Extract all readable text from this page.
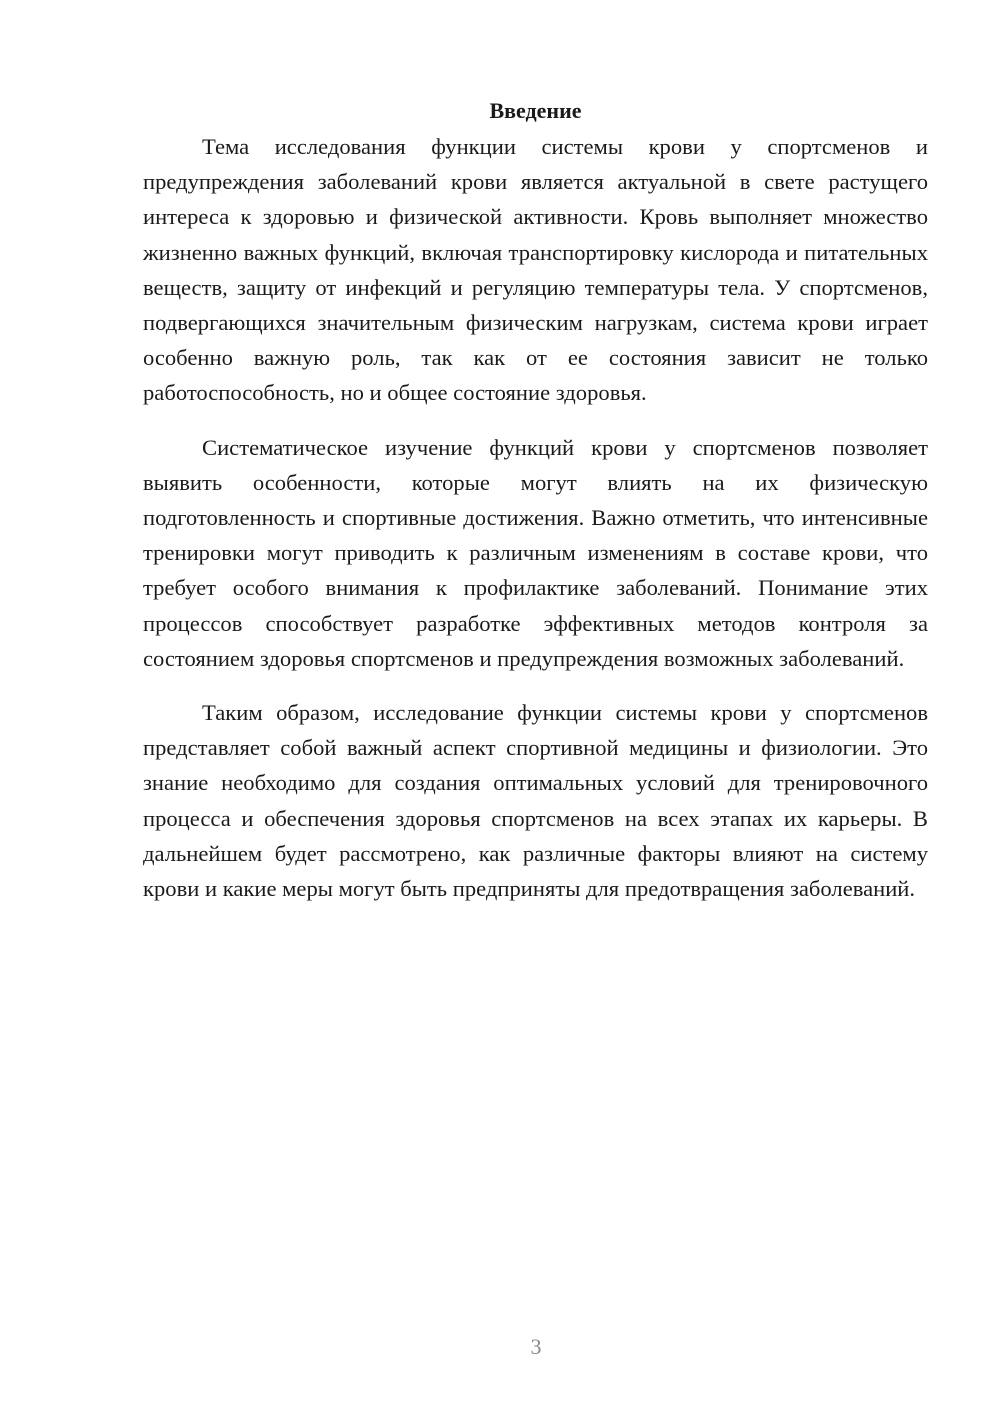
Введение

Тема исследования функции системы крови у спортсменов и предупреждения заболеваний крови является актуальной в свете растущего интереса к здоровью и физической активности. Кровь выполняет множество жизненно важных функций, включая транспортировку кислорода и питательных веществ, защиту от инфекций и регуляцию температуры тела. У спортсменов, подвергающихся значительным физическим нагрузкам, система крови играет особенно важную роль, так как от ее состояния зависит не только работоспособность, но и общее состояние здоровья.

Систематическое изучение функций крови у спортсменов позволяет выявить особенности, которые могут влиять на их физическую подготовленность и спортивные достижения. Важно отметить, что интенсивные тренировки могут приводить к различным изменениям в составе крови, что требует особого внимания к профилактике заболеваний. Понимание этих процессов способствует разработке эффективных методов контроля за состоянием здоровья спортсменов и предупреждения возможных заболеваний.

Таким образом, исследование функции системы крови у спортсменов представляет собой важный аспект спортивной медицины и физиологии. Это знание необходимо для создания оптимальных условий для тренировочного процесса и обеспечения здоровья спортсменов на всех этапах их карьеры. В дальнейшем будет рассмотрено, как различные факторы влияют на систему крови и какие меры могут быть предприняты для предотвращения заболеваний.

3
